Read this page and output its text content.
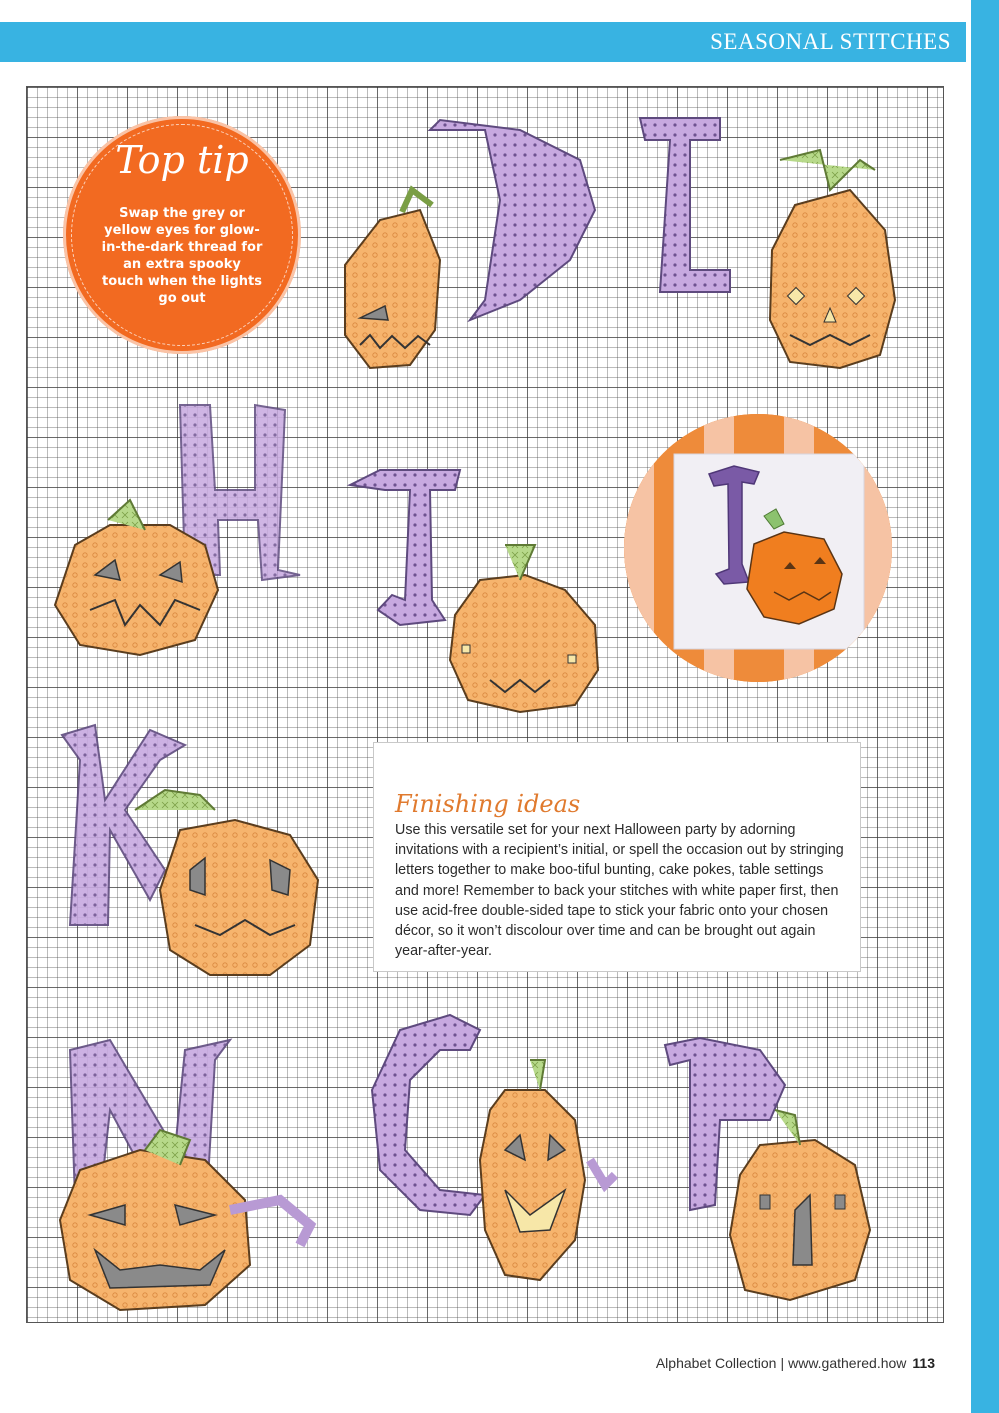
SEASONAL STITCHES
Top tip
Swap the grey or yellow eyes for glow-in-the-dark thread for an extra spooky touch when the lights go out
J
Finishing ideas
Use this versatile set for your next Halloween party by adorning invitations with a recipient’s initial, or spell the occasion out by stringing letters together to make boo-tiful bunting, cake pokes, table settings and more! Remember to back your stitches with white paper first, then use acid-free double-sided tape to stick your fabric onto your chosen décor, so it won’t discolour over time and can be brought out again year-after-year.
Alphabet Collection | www.gathered.how 113
